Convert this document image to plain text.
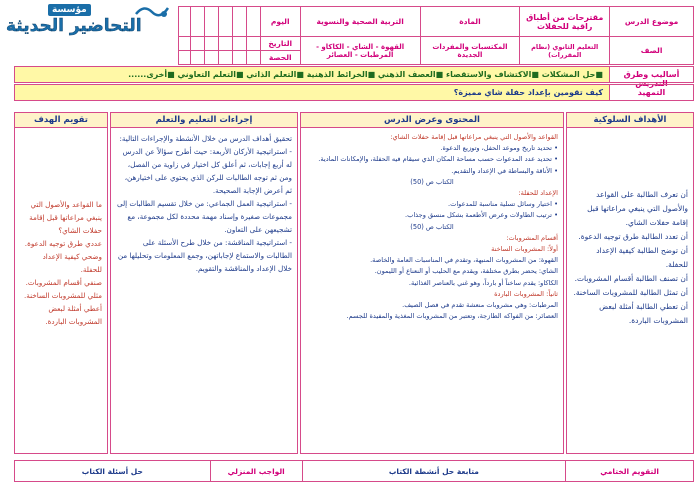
مؤسسة
التحاضير الحديثة	موضوع الدرس	مقترحات من أطباق راقية للحفلات	المادة	التربية الصحية والنسوية	اليوم						
الصف	التعليم الثانوي (نظام المقررات)	المكتسبات والمفردات الجديدة	القهوة - الشاي - الكاكاو - المرطبات - العصائر	التاريخ						
				الحصة						
أساليب وطرق التدريس
■حل المشكلات ■الاكتشاف والاستقصاء ■العصف الذهني ■الخرائط الذهنية ■التعلم الذاتي ■التعلم التعاوني ■أخرى......
التمهيد
كيف تقومين بإعداد حفلة شاي مميزة؟
الأهداف السلوكية
أن تعرف الطالبة على القواعد والأصول التي ينبغي مراعاتها قبل إقامة حفلات الشاي.
أن تعدد الطالبة طرق توجيه الدعوة.
أن توضح الطالبة كيفية الإعداد للحفلة.
أن تصنف الطالبة أقسام المشروبات.
أن تمثل الطالبة للمشروبات الساخنة.
أن تعطي الطالبة أمثلة لبعض المشروبات الباردة.
المحتوى وعرض الدرس
القواعد والأصول التي ينبغي مراعاتها قبل إقامة حفلات الشاي:
• تحديد تاريخ وموعد الحفل، وتوزيع الدعوة.
• تحديد عدد المدعوات حسب مساحة المكان الذي سيقام فيه الحفلة، والإمكانات المادية.
• الأناقة والبساطة في الإعداد والتقديم.
الكتاب ص (50)
الإعداد للحفلة:
• اختيار وسائل تسلية مناسبة للمدعوات.
• ترتيب الطاولات وعرض الأطعمة بشكل منسق وجذاب.
الكتاب ص (50)
أقسام المشروبات:
أولاً: المشروبات الساخنة
القهوة: من المشروبات المنبهة، وتقدم في المناسبات العامة والخاصة.
الشاي: يحضر بطرق مختلفة، ويقدم مع الحليب أو النعناع أو الليمون.
الكاكاو: يقدم ساخناً أو بارداً، وهو غني بالعناصر الغذائية.
ثانياً: المشروبات الباردة
المرطبات: وهي مشروبات منعشة تقدم في فصل الصيف.
العصائر: من الفواكه الطازجة، وتعتبر من المشروبات المغذية والمفيدة للجسم.
إجراءات التعليم والتعلم
تحقيق أهداف الدرس من خلال الأنشطة والإجراءات التالية:
- استراتيجية الأركان الأربعة: حيث أطرح سؤالاً عن الدرس له أربع إجابات، ثم أعلق كل اختيار في زاوية من الفصل، ومن ثم توجه الطالبات للركن الذي يحتوي على اختيارهن، ثم أعرض الإجابة الصحيحة.
- استراتيجية العمل الجماعي: من خلال تقسيم الطالبات إلى مجموعات صغيرة وإسناد مهمة محددة لكل مجموعة، مع تشجيعهن على التعاون.
- استراتيجية المناقشة: من خلال طرح الأسئلة على الطالبات والاستماع لإجاباتهن، وجمع المعلومات وتحليلها من خلال الإعداد والمناقشة والتقويم.
تقويم الهدف
ما القواعد والأصول التي ينبغي مراعاتها قبل إقامة حفلات الشاي؟
عددي طرق توجيه الدعوة.
وضحي كيفية الإعداد للحفلة.
صنفي أقسام المشروبات.
مثلي للمشروبات الساخنة.
أعطي أمثلة لبعض المشروبات الباردة.
التقويم الختامي	متابعة حل أنشطة الكتاب	الواجب المنزلي	حل أسئلة الكتاب
